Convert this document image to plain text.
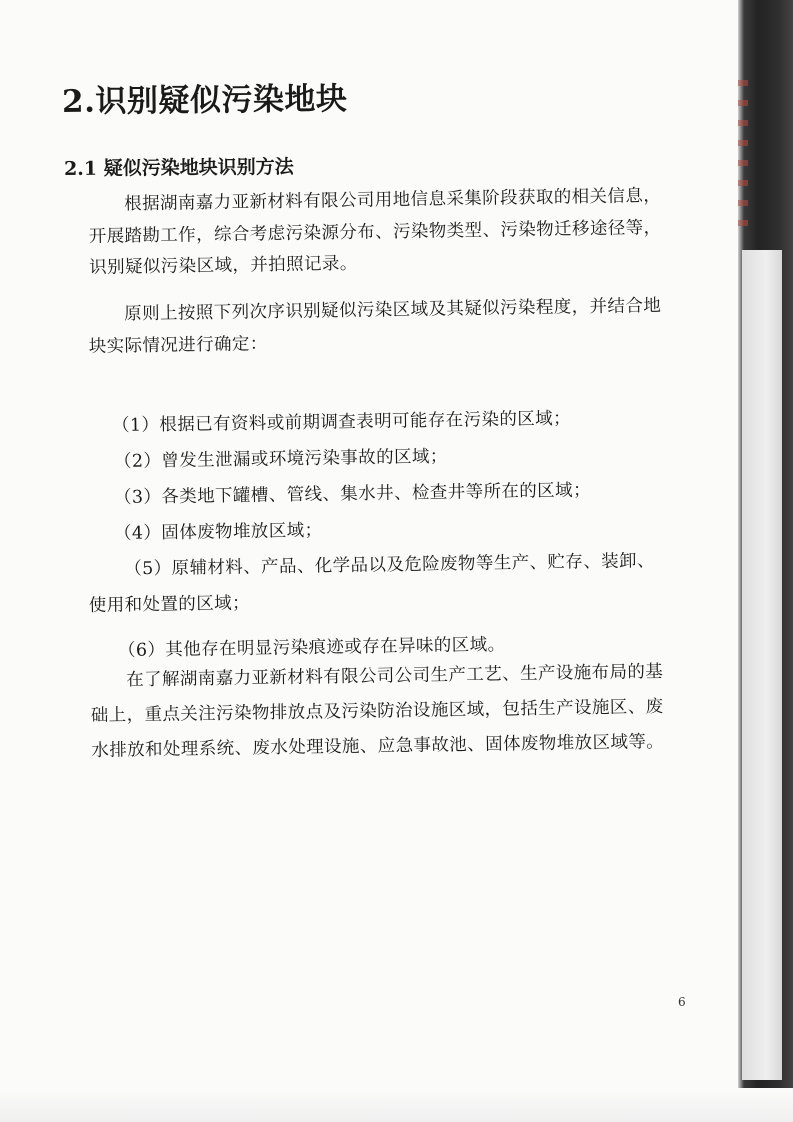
2.识别疑似污染地块
2.1 疑似污染地块识别方法

根据湖南嘉力亚新材料有限公司用地信息采集阶段获取的相关信息，开展踏勘工作，综合考虑污染源分布、污染物类型、污染物迁移途径等，识别疑似污染区域，并拍照记录。

原则上按照下列次序识别疑似污染区域及其疑似污染程度，并结合地块实际情况进行确定：

（1）根据已有资料或前期调查表明可能存在污染的区域；
（2）曾发生泄漏或环境污染事故的区域；
（3）各类地下罐槽、管线、集水井、检查井等所在的区域；
（4）固体废物堆放区域；

（5）原辅材料、产品、化学品以及危险废物等生产、贮存、装卸、使用和处置的区域；

（6）其他存在明显污染痕迹或存在异味的区域。

在了解湖南嘉力亚新材料有限公司公司生产工艺、生产设施布局的基础上，重点关注污染物排放点及污染防治设施区域，包括生产设施区、废水排放和处理系统、废水处理设施、应急事故池、固体废物堆放区域等。

6
